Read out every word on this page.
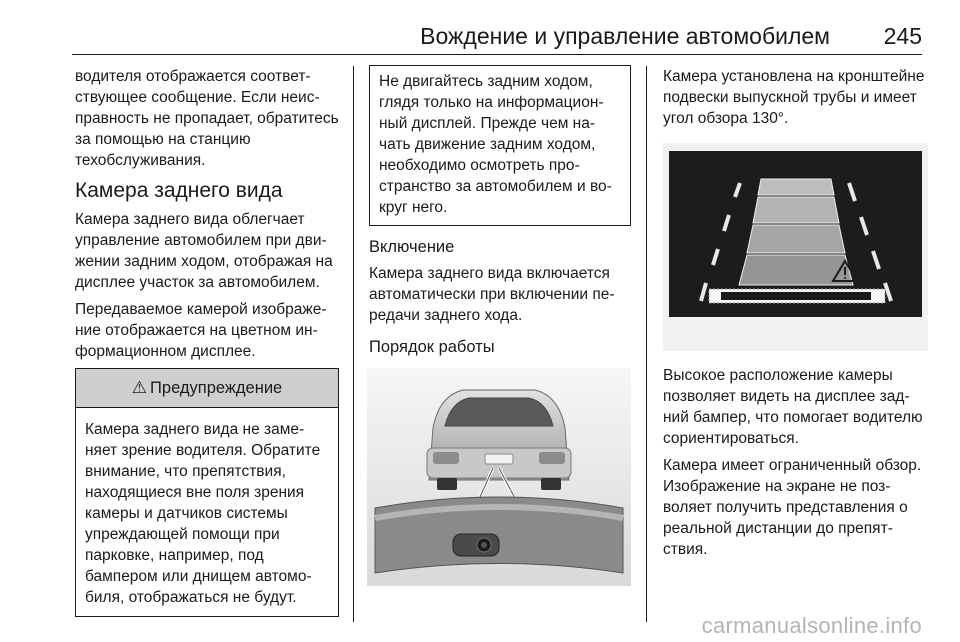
Вождение и управление автомобилем 245

водителя отображается соответствующее сообщение. Если неисправность не пропадает, обратитесь за помощью на станцию техобслуживания.

Камера заднего вида

Камера заднего вида облегчает управление автомобилем при движении задним ходом, отображая на дисплее участок за автомобилем.

Передаваемое камерой изображение отображается на цветном информационном дисплее.

⚠ Предупреждение
Камера заднего вида не заменяет зрение водителя. Обратите внимание, что препятствия, находящиеся вне поля зрения камеры и датчиков системы упреждающей помощи при парковке, например, под бампером или днищем автомобиля, отображаться не будут.
Не двигайтесь задним ходом, глядя только на информационный дисплей. Прежде чем начать движение задним ходом, необходимо осмотреть пространство за автомобилем и вокруг него.
Включение

Камера заднего вида включается автоматически при включении передачи заднего хода.

Порядок работы

Камера установлена на кронштейне подвески выпускной трубы и имеет угол обзора 130°.

Высокое расположение камеры позволяет видеть на дисплее задний бампер, что помогает водителю сориентироваться.

Камера имеет ограниченный обзор. Изображение на экране не позволяет получить представления о реальной дистанции до препятствия.

carmanualsonline.info
